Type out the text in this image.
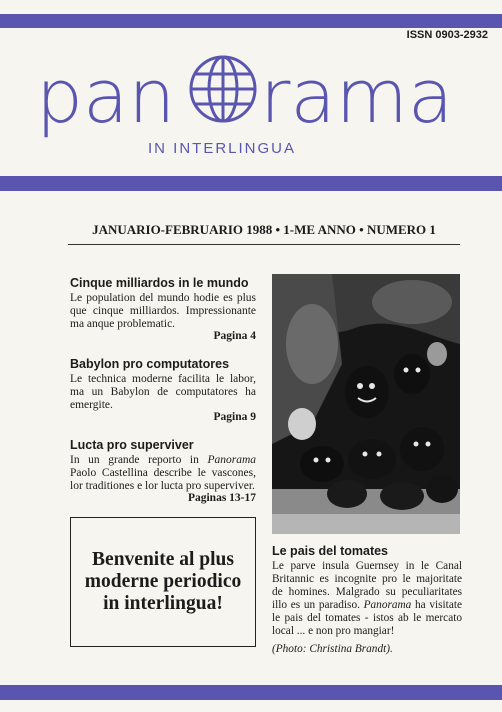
ISSN 0903-2932
pan rama
IN INTERLINGUA
JANUARIO-FEBRUARIO 1988 • 1-ME ANNO • NUMERO 1
Cinque milliardos in le mundo

Le population del mundo hodie es plus que cinque milliardos. Impressionante ma anque problematic.

Pagina 4
Babylon pro computatores

Le technica moderne facilita le labor, ma un Babylon de computatores ha emergite.

Pagina 9
Lucta pro superviver

In un grande reporto in Panorama Paolo Castellina describe le vascones, lor traditiones e lor lucta pro superviver.

Paginas 13-17
Benvenite al plus moderne periodico in interlingua!
Le pais del tomates

Le parve insula Guernsey in le Canal Britannic es incognite pro le majoritate de homines. Malgrado su peculiaritates illo es un paradiso. Panorama ha visitate le pais del tomates - istos ab le mercato local ... e non pro mangiar!

(Photo: Christina Brandt).
